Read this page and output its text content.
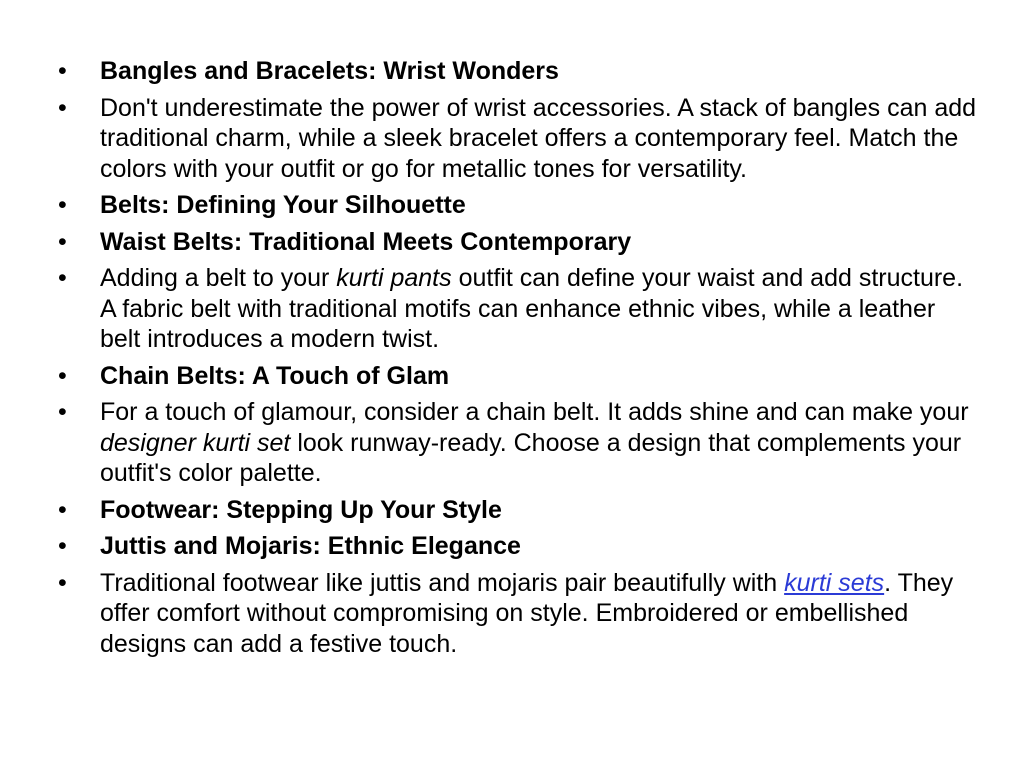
•	Bangles and Bracelets: Wrist Wonders
•	Don't underestimate the power of wrist accessories. A stack of bangles can add traditional charm, while a sleek bracelet offers a contemporary feel. Match the colors with your outfit or go for metallic tones for versatility.
•	Belts: Defining Your Silhouette
•	Waist Belts: Traditional Meets Contemporary
•	Adding a belt to your kurti pants outfit can define your waist and add structure. A fabric belt with traditional motifs can enhance ethnic vibes, while a leather belt introduces a modern twist.
•	Chain Belts: A Touch of Glam
•	For a touch of glamour, consider a chain belt. It adds shine and can make your designer kurti set look runway-ready. Choose a design that complements your outfit's color palette.
•	Footwear: Stepping Up Your Style
•	Juttis and Mojaris: Ethnic Elegance
•	Traditional footwear like juttis and mojaris pair beautifully with kurti sets. They offer comfort without compromising on style. Embroidered or embellished designs can add a festive touch.
